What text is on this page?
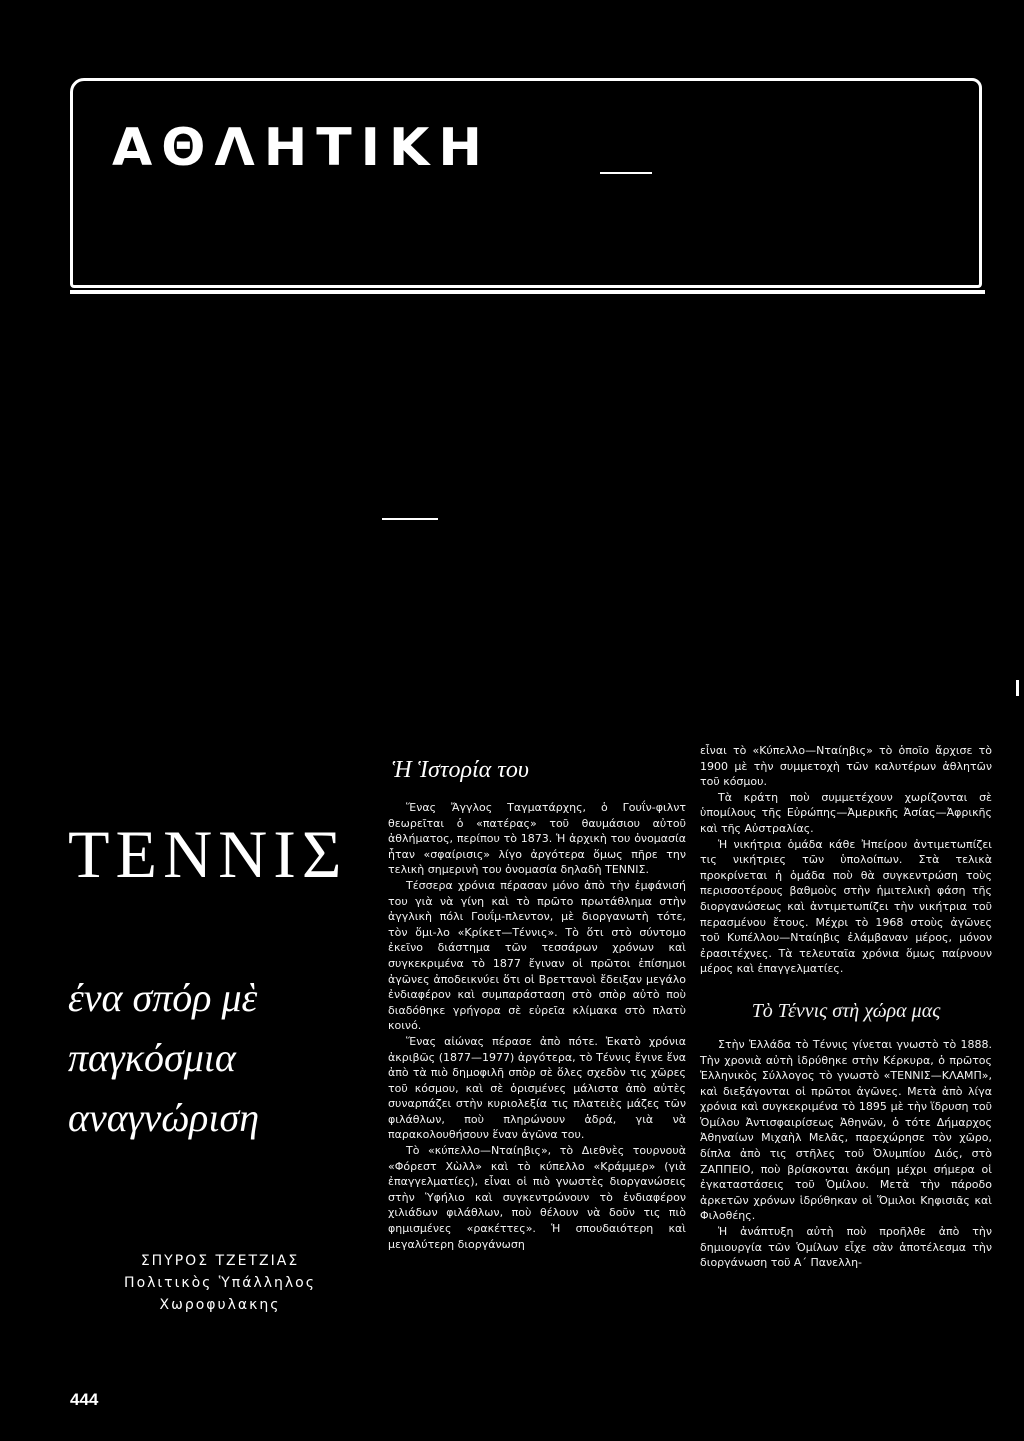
ΑΘΛΗΤΙΚΗ
ΤΕΝΝΙΣ
ένα σπόρ μὲ
παγκόσμια
αναγνώριση
ΣΠΥΡΟΣ ΤΖΕΤΖΙΑΣ
Πολιτικὸς Ὑπάλληλος
Χωροφυλακης
444
Ἡ Ἱστορία του

Ἕνας Ἄγγλος Ταγματάρχης, ὁ Γουΐν-φιλντ θεωρεῖται ὁ «πατέρας» τοῦ θαυμάσιου αὐτοῦ ἀθλήματος, περίπου τὸ 1873. Ἡ ἀρχικὴ του ὀνομασία ἦταν «σφαίρισις» λίγο ἀργότερα ὅμως πῆρε την τελικὴ σημερινὴ του ὀνομασία δηλαδὴ ΤΕΝΝΙΣ.

Τέσσερα χρόνια πέρασαν μόνο ἀπὸ τὴν ἐμφάνισή του γιὰ νὰ γίνη καὶ τὸ πρῶτο πρωτάθλημα στὴν ἀγγλικὴ πόλι Γουΐμ-πλεντον, μὲ διοργανωτὴ τότε, τὸν ὅμι-λο «Κρίκετ—Τέννις». Τὸ ὅτι στὸ σύντομο ἐκεῖνο διάστημα τῶν τεσσάρων χρόνων καὶ συγκεκριμένα τὸ 1877 ἔγιναν οἱ πρῶτοι ἐπίσημοι ἀγῶνες ἀποδεικνύει ὅτι οἱ Βρεττανοὶ ἔδειξαν μεγάλο ἐνδιαφέρον καὶ συμπαράσταση στὸ σπὸρ αὐτὸ ποὺ διαδόθηκε γρήγορα σὲ εὐρεῖα κλίμακα στὸ πλατὺ κοινό.

Ἕνας αἰώνας πέρασε ἀπὸ πότε. Ἑκατὸ χρόνια ἀκριβῶς (1877—1977) ἀργότερα, τὸ Τέννις ἔγινε ἕνα ἀπὸ τὰ πιὸ δημοφιλῆ σπὸρ σὲ ὅλες σχεδὸν τις χῶρες τοῦ κόσμου, καὶ σὲ ὁρισμένες μάλιστα ἀπὸ αὐτὲς συναρπάζει στὴν κυριολεξία τις πλατειὲς μάζες τῶν φιλάθλων, ποὺ πληρώνουν ἁδρά, γιὰ νὰ παρακολουθήσουν ἕναν ἀγῶνα του.

Τὸ «κύπελλο—Νταίηβις», τὸ Διεθνὲς τουρνουὰ «Φόρεστ Χὼλλ» καὶ τὸ κύπελλο «Κράμμερ» (γιὰ ἐπαγγελματίες), εἶναι οἱ πιὸ γνωστὲς διοργανώσεις στὴν Ὑφήλιο καὶ συγκεντρώνουν τὸ ἐνδιαφέρον χιλιάδων φιλάθλων, ποὺ θέλουν νὰ δοῦν τις πιὸ φημισμένες «ρακέττες». Ἡ σπουδαιότερη καὶ μεγαλύτερη διοργάνωση

εἶναι τὸ «Κύπελλο—Νταίηβις» τὸ ὁποῖο ἄρχισε τὸ 1900 μὲ τὴν συμμετοχὴ τῶν καλυτέρων ἀθλητῶν τοῦ κόσμου.

Τὰ κράτη ποὺ συμμετέχουν χωρίζονται σὲ ὑπομίλους τῆς Εὐρώπης—Ἀμερικῆς Ἀσίας—Ἀφρικῆς καὶ τῆς Αὐστραλίας.

Ἡ νικήτρια ὁμάδα κάθε Ἠπείρου ἀντιμετωπίζει τις νικήτριες τῶν ὑπολοίπων. Στὰ τελικὰ προκρίνεται ἡ ὁμάδα ποὺ θὰ συγκεντρώση τοὺς περισσοτέρους βαθμοὺς στὴν ἡμιτελικὴ φάση τῆς διοργανώσεως καὶ ἀντιμετωπίζει τὴν νικήτρια τοῦ περασμένου ἔτους. Μέχρι τὸ 1968 στοὺς ἀγῶνες τοῦ Κυπέλλου—Νταίηβις ἐλάμβαναν μέρος, μόνον ἐρασιτέχνες. Τὰ τελευταῖα χρόνια ὅμως παίρνουν μέρος καὶ ἐπαγγελματίες.

Τὸ Τέννις στὴ χώρα μας

Στὴν Ἑλλάδα τὸ Τέννις γίνεται γνωστὸ τὸ 1888. Τὴν χρονιὰ αὐτὴ ἱδρύθηκε στὴν Κέρκυρα, ὁ πρῶτος Ἑλληνικὸς Σύλλογος τὸ γνωστὸ «ΤΕΝΝΙΣ—ΚΛΑΜΠ», καὶ διεξάγονται οἱ πρῶτοι ἀγῶνες. Μετὰ ἀπὸ λίγα χρόνια καὶ συγκεκριμένα τὸ 1895 μὲ τὴν ἵδρυση τοῦ Ὁμίλου Ἀντισφαιρίσεως Ἀθηνῶν, ὁ τότε Δήμαρχος Ἀθηναίων Μιχαὴλ Μελᾶς, παρεχώρησε τὸν χῶρο, δίπλα ἀπὸ τις στῆλες τοῦ Ὀλυμπίου Διός, στὸ ΖΑΠΠΕΙΟ, ποὺ βρίσκονται ἀκόμη μέχρι σήμερα οἱ ἐγκαταστάσεις τοῦ Ὁμίλου. Μετὰ τὴν πάροδο ἀρκετῶν χρόνων ἱδρύθηκαν οἱ Ὅμιλοι Κηφισιᾶς καὶ Φιλοθέης.

Ἡ ἀνάπτυξη αὐτὴ ποὺ προῆλθε ἀπὸ τὴν δημιουργία τῶν Ὁμίλων εἶχε σὰν ἀποτέλεσμα τὴν διοργάνωση τοῦ Α΄ Πανελλη-
